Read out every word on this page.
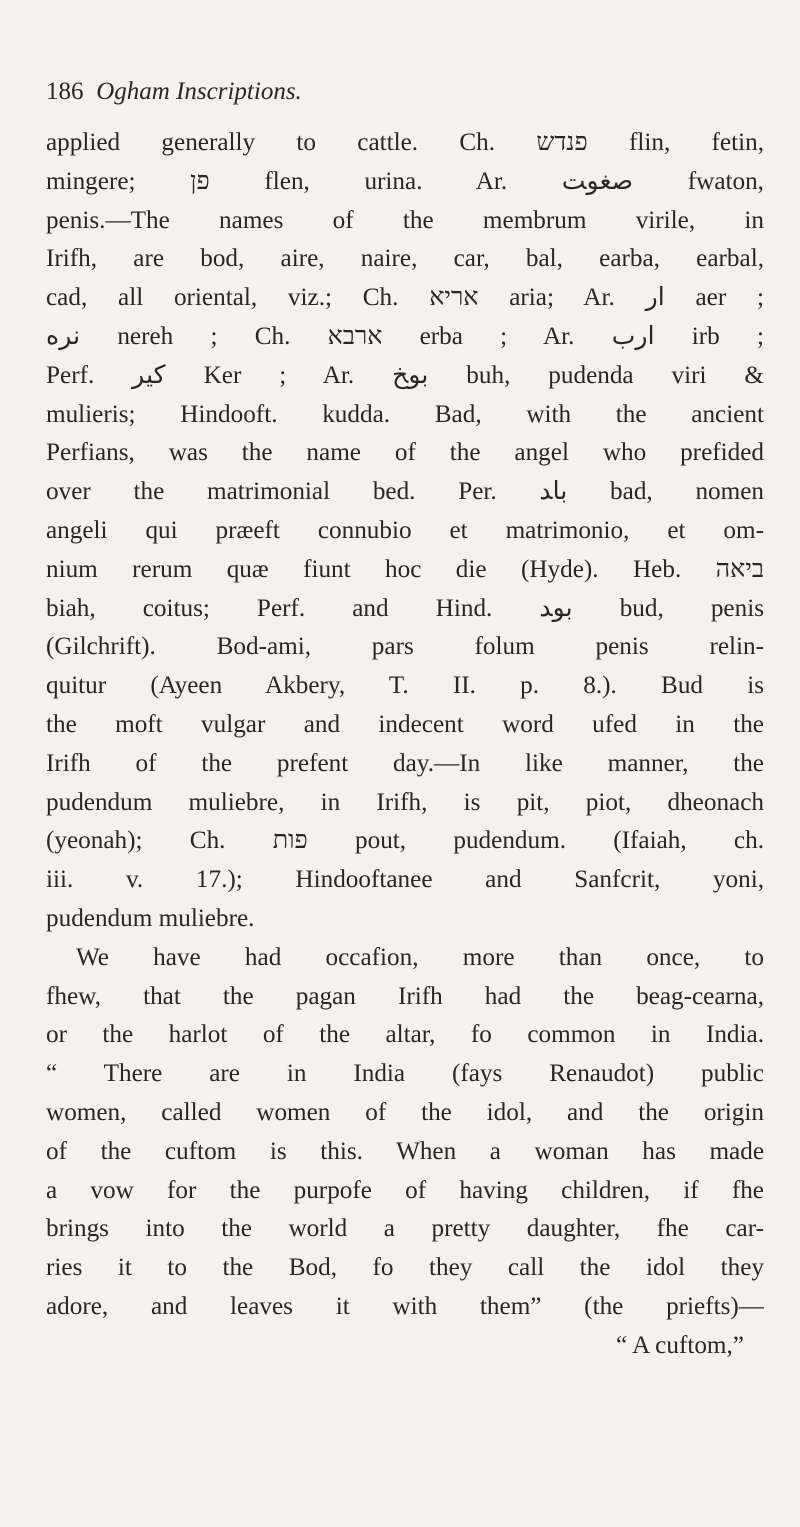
186 Ogham Inscriptions.
applied generally to cattle. Ch. פנדש flin, fetin,
mingere; פן flen, urina. Ar. ﺻﻐﻮﺖ fwaton,
penis.—The names of the membrum virile, in
Irifh, are bod, aire, naire, car, bal, earba, earbal,
cad, all oriental, viz.; Ch. אריא aria; Ar. ﺍﺭ aer ;
ﻧﺮﻩ nereh ; Ch. ארבא erba ; Ar. ﺍﺭﺏ irb ;
Perf. ﻛﻴﺮ Ker ; Ar. ﺑﻮﺦ buh, pudenda viri &
mulieris; Hindooft. kudda. Bad, with the ancient
Perfians, was the name of the angel who prefided
over the matrimonial bed. Per. ﺑﺎﺪ bad, nomen
angeli qui præeft connubio et matrimonio, et om-
nium rerum quæ fiunt hoc die (Hyde). Heb. ביאה
biah, coitus; Perf. and Hind. ﺑﻮﺪ bud, penis
(Gilchrift). Bod-ami, pars folum penis relin-
quitur (Ayeen Akbery, T. II. p. 8.). Bud is
the moft vulgar and indecent word ufed in the
Irifh of the prefent day.—In like manner, the
pudendum muliebre, in Irifh, is pit, piot, dheonach
(yeonah); Ch. פות pout, pudendum. (Ifaiah, ch.
iii. v. 17.); Hindooftanee and Sanfcrit, yoni,
pudendum muliebre.
We have had occafion, more than once, to
fhew, that the pagan Irifh had the beag-cearna,
or the harlot of the altar, fo common in India.
“ There are in India (fays Renaudot) public
women, called women of the idol, and the origin
of the cuftom is this. When a woman has made
a vow for the purpofe of having children, if fhe
brings into the world a pretty daughter, fhe car-
ries it to the Bod, fo they call the idol they
adore, and leaves it with them” (the priefts)—
“ A cuftom,”
